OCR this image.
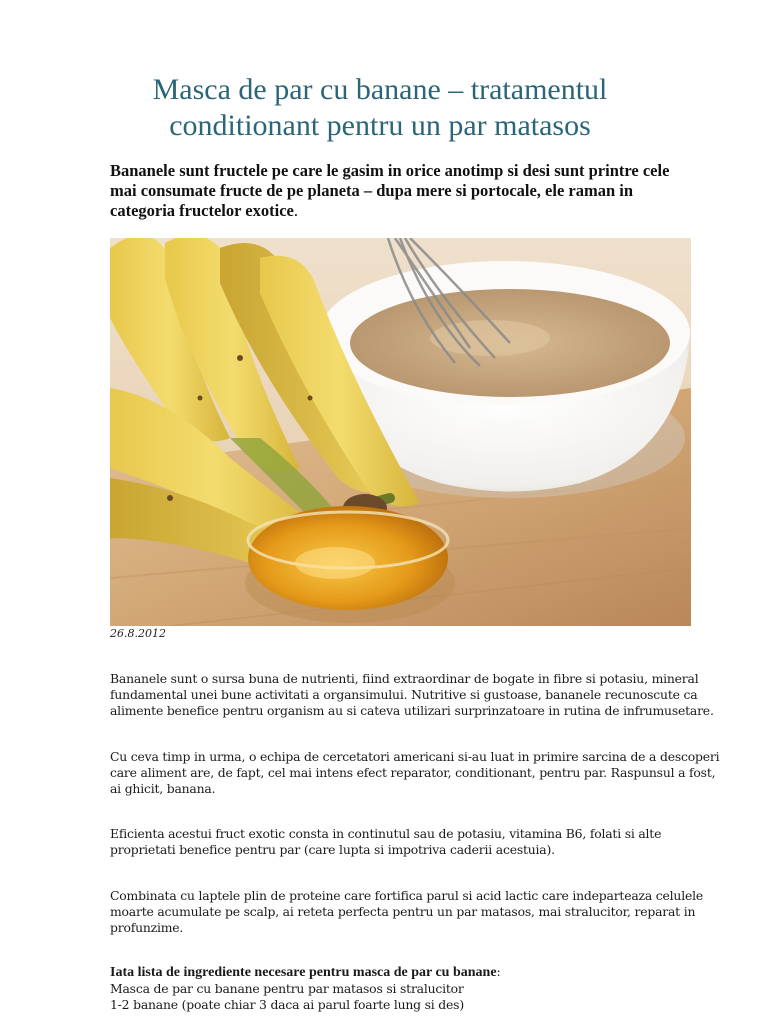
Masca de par cu banane – tratamentul conditionant pentru un par matasos

Bananele sunt fructele pe care le gasim in orice anotimp si desi sunt printre cele mai consumate fructe de pe planeta – dupa mere si portocale, ele raman in categoria fructelor exotice.

26.8.2012

Bananele sunt o sursa buna de nutrienti, fiind extraordinar de bogate in fibre si potasiu, mineral fundamental unei bune activitati a organsimului. Nutritive si gustoase, bananele recunoscute ca alimente benefice pentru organism au si cateva utilizari surprinzatoare in rutina de infrumusetare.

Cu ceva timp in urma, o echipa de cercetatori americani si-au luat in primire sarcina de a descoperi care aliment are, de fapt, cel mai intens efect reparator, conditionant, pentru par. Raspunsul a fost, ai ghicit, banana.

Eficienta acestui fruct exotic consta in continutul sau de potasiu, vitamina B6, folati si alte proprietati benefice pentru par (care lupta si impotriva caderii acestuia).

Combinata cu laptele plin de proteine care fortifica parul si acid lactic care indeparteaza celulele moarte acumulate pe scalp, ai reteta perfecta pentru un par matasos, mai stralucitor, reparat in profunzime.

Iata lista de ingrediente necesare pentru masca de par cu banane:
Masca de par cu banane pentru par matasos si stralucitor
1-2 banane (poate chiar 3 daca ai parul foarte lung si des)
